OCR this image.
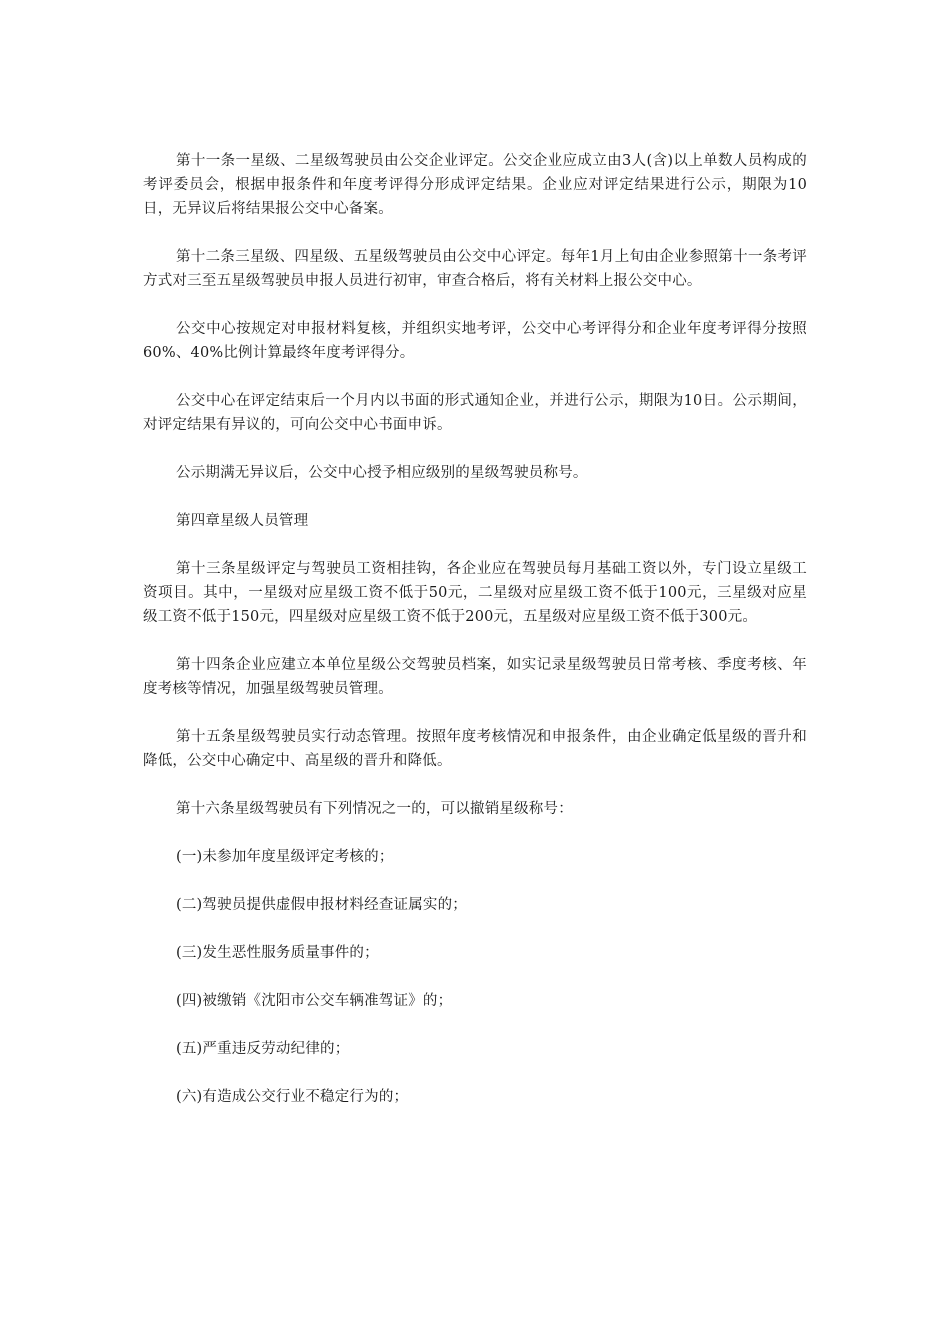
第十一条一星级、二星级驾驶员由公交企业评定。公交企业应成立由3人(含)以上单数人员构成的考评委员会，根据申报条件和年度考评得分形成评定结果。企业应对评定结果进行公示，期限为10日，无异议后将结果报公交中心备案。

第十二条三星级、四星级、五星级驾驶员由公交中心评定。每年1月上旬由企业参照第十一条考评方式对三至五星级驾驶员申报人员进行初审，审查合格后，将有关材料上报公交中心。

公交中心按规定对申报材料复核，并组织实地考评，公交中心考评得分和企业年度考评得分按照60%、40%比例计算最终年度考评得分。

公交中心在评定结束后一个月内以书面的形式通知企业，并进行公示，期限为10日。公示期间，对评定结果有异议的，可向公交中心书面申诉。

公示期满无异议后，公交中心授予相应级别的星级驾驶员称号。

第四章星级人员管理

第十三条星级评定与驾驶员工资相挂钩，各企业应在驾驶员每月基础工资以外，专门设立星级工资项目。其中，一星级对应星级工资不低于50元，二星级对应星级工资不低于100元，三星级对应星级工资不低于150元，四星级对应星级工资不低于200元，五星级对应星级工资不低于300元。

第十四条企业应建立本单位星级公交驾驶员档案，如实记录星级驾驶员日常考核、季度考核、年度考核等情况，加强星级驾驶员管理。

第十五条星级驾驶员实行动态管理。按照年度考核情况和申报条件，由企业确定低星级的晋升和降低，公交中心确定中、高星级的晋升和降低。

第十六条星级驾驶员有下列情况之一的，可以撤销星级称号：

(一)未参加年度星级评定考核的；

(二)驾驶员提供虚假申报材料经查证属实的；

(三)发生恶性服务质量事件的；

(四)被缴销《沈阳市公交车辆准驾证》的；

(五)严重违反劳动纪律的；

(六)有造成公交行业不稳定行为的；
